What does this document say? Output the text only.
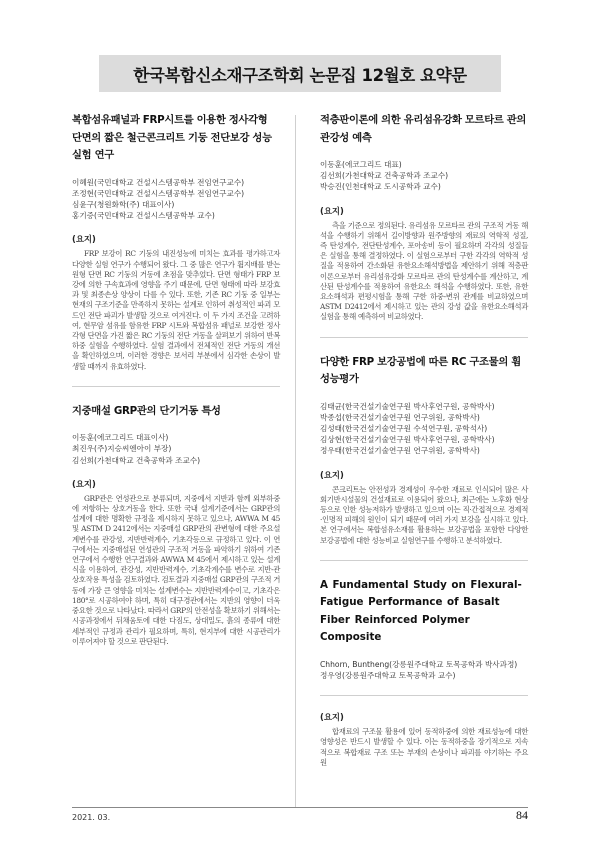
한국복합신소재구조학회 논문집 12월호 요약문
복합섬유패널과 FRP시트를 이용한 정사각형 단면의 짧은 철근콘크리트 기둥 전단보강 성능 실험 연구
이혜원(국민대학교 건설시스템공학부 전임연구교수)
조정현(국민대학교 건설시스템공학부 전임연구교수)
심윤구(청원화학(주) 대표이사)
홍기증(국민대학교 건설시스템공학부 교수)
(요지)

FRP 보강이 RC 기둥의 내진성능에 미치는 효과를 평가하고자 다양한 실험 연구가 수행되어 왔다. 그 중 많은 연구가 휨지배를 받는 원형 단면 RC 기둥의 거동에 초점을 맞추었다. 단면 형태가 FRP 보강에 의한 구속효과에 영향을 주기 때문에, 단면 형태에 따라 보강효과 및 최종손상 양상이 다를 수 있다. 또한, 기존 RC 기둥 중 일부는 현재의 구조기준을 만족하지 못하는 설계로 인하여 취성적인 파괴 모드인 전단 파괴가 발생할 것으로 여겨진다. 이 두 가지 조건을 고려하여, 현무암 섬유를 함유한 FRP 시트와 복합섬유 패널로 보강한 정사각형 단면을 가진 짧은 RC 기둥의 전단 거동을 살펴보기 위하여 반복하중 실험을 수행하였다. 실험 결과에서 전체적인 전단 거동의 개선을 확인하였으며, 이러한 경향은 보서리 부분에서 심각한 손상이 발생할 때까지 유효하였다.

지중매설 GRP관의 단기거동 특성
이동훈(에코그리드 대표이사)
최진우(주)지승씨엔아이 부장)
김선희(가천대학교 건축공학과 조교수)
(요지)

GRP관은 연성관으로 분류되며, 지중에서 지반과 함께 외부하중에 저항하는 상호거동을 한다. 또한 국내 설계기준에서는 GRP관의 설계에 대한 명확한 규정을 제시하지 못하고 있으나, AWWA M 45 및 ASTM D 2412에서는 지중매설 GRP관의 관변형에 대한 주요설계변수를 관강성, 지반반력계수, 기초각등으로 규정하고 있다. 이 연구에서는 지중매설된 연성관의 구조적 거동을 파악하기 위하여 기존 연구에서 수행한 연구결과와 AWWA M 45에서 제시하고 있는 설계식을 이용하여, 관강성, 지반반력계수, 기초각계수를 변수로 지반-관 상호작용 특성을 검토하였다. 검토결과 지중매설 GRP관의 구조적 거동에 가장 큰 영향을 미치는 설계변수는 지반반력계수이고, 기초각은 180°로 시공하여야 하며, 특히 대구경관에서는 지반의 영향이 더욱 중요한 것으로 나타났다. 따라서 GRP의 안전성을 확보하기 위해서는 시공과정에서 뒤채움토에 대한 다짐도, 상대밀도, 흙의 종류에 대한 세부적인 규정과 관리가 필요하며, 특히, 현지부에 대한 시공관리가 이루어져야 할 것으로 판단된다.

적층판이론에 의한 유리섬유강화 모르타르 관의 관강성 예측
이동훈(에코그리드 대표)
김선희(가천대학교 건축공학과 조교수)
박승진(인천대학교 도시공학과 교수)
(요지)

측을 기준으로 정의된다. 유리섬유 모르타르 관의 구조적 거동 해석을 수행하기 위해서 길이방향과 원주방향의 재료의 역학적 성질, 즉 탄성계수, 전단탄성계수, 포아송비 등이 필요하며 각각의 성질들은 실험을 통해 결정하였다. 이 실험으로부터 구한 각각의 역학적 성질을 적용하여 간소화된 유한요소해석방법을 제안하기 위해 적층판 이론으로부터 유리섬유강화 모르타르 관의 탄성계수를 계산하고, 계산된 탄성계수를 적용하여 유한요소 해석을 수행하였다. 또한, 유한요소해석과 편평시험을 통해 구한 하중-변위 관계를 비교하였으며 ASTM D2412에서 제시하고 있는 관의 강성 값을 유한요소해석과 실험을 통해 예측하여 비교하였다.

다양한 FRP 보강공법에 따른 RC 구조물의 휨 성능평가
김태균(한국건설기술연구원 박사후연구원, 공학박사)
박종섭(한국건설기술연구원 연구위원, 공학박사)
김성태(한국건설기술연구원 수석연구원, 공학석사)
김상현(한국건설기술연구원 박사후연구원, 공학박사)
정우태(한국건설기술연구원 연구위원, 공학박사)
(요지)

콘크리트는 안전성과 경제성이 우수한 재료로 인식되어 많은 사회기반시설물의 건설재료로 이용되어 왔으나, 최근에는 노후화 현상 등으로 인한 성능저하가 발생하고 있으며 이는 직·간접적으로 경제적·인명적 피해의 원인이 되기 때문에 여러 가지 보강을 실시하고 있다. 본 연구에서는 복합섬유소재를 활용하는 보강공법을 포함한 다양한 보강공법에 대한 성능비교 실험연구를 수행하고 분석하였다.

A Fundamental Study on Flexural-Fatigue Performance of Basalt Fiber Reinforced Polymer Composite
Chhorn, Buntheng(강릉원주대학교 토목공학과 박사과정)
정우영(강릉원주대학교 토목공학과 교수)
(요지)

합재료의 구조물 활용에 있어 동적하중에 의한 재료성능에 대한 영향성은 반드시 발생할 수 있다. 이는 동적하중을 장기적으로 지속적으로 복합재료 구조 또는 부재의 손상이나 파괴를 야기하는 주요 원

2021. 03.	84
